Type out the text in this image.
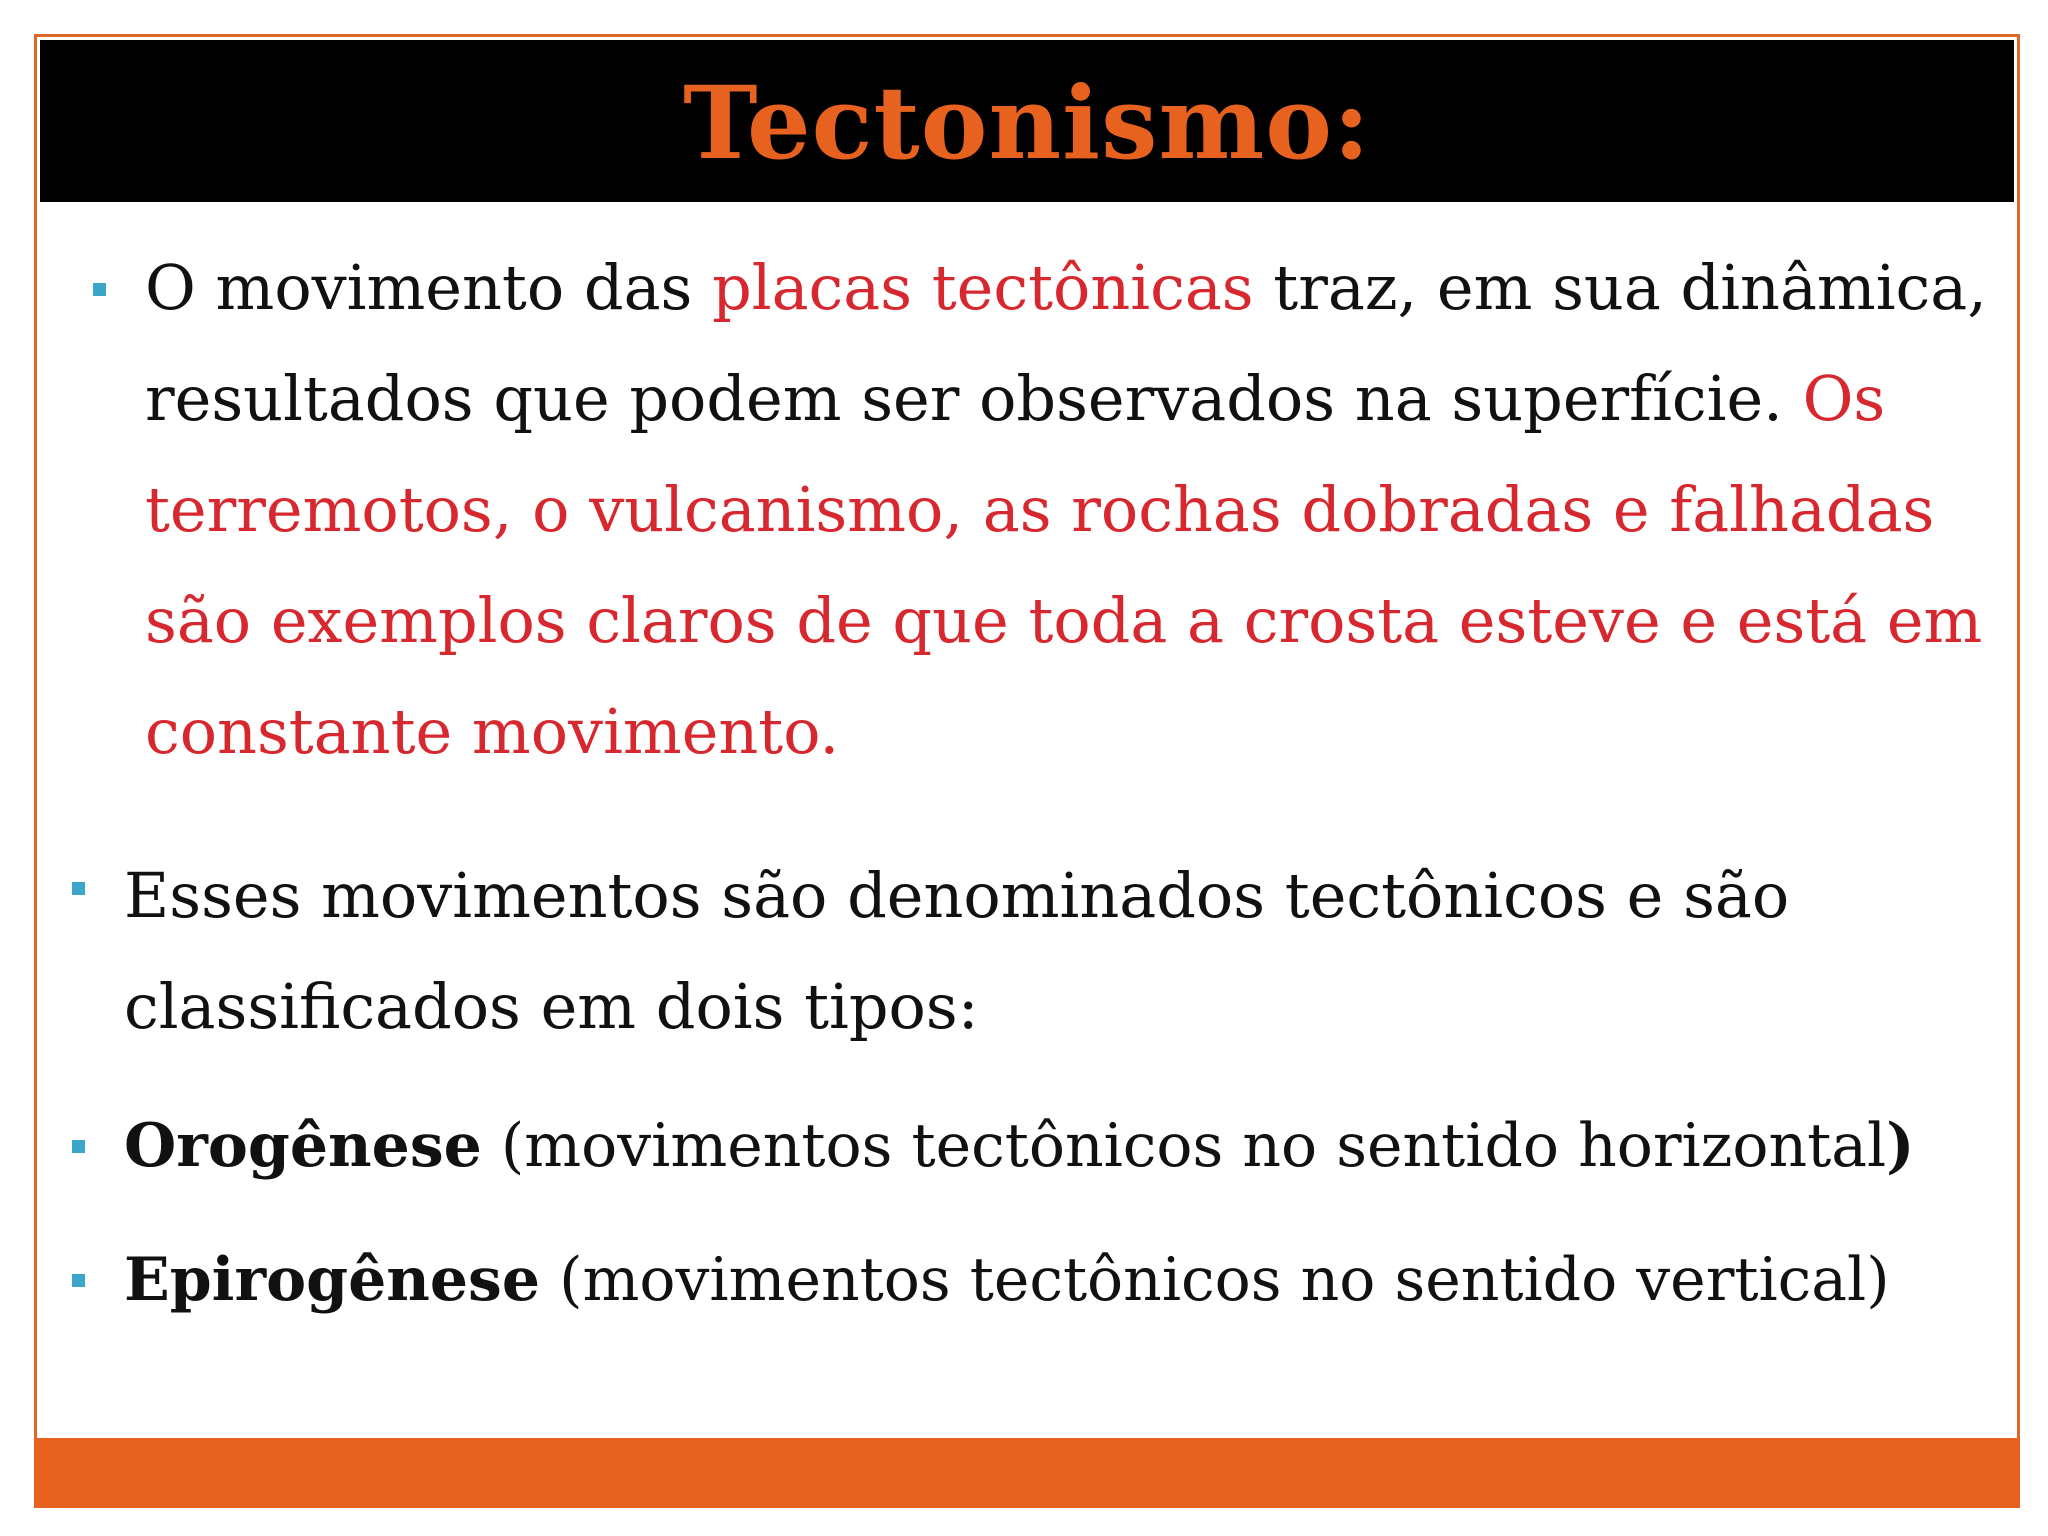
Tectonismo:

O movimento das placas tectônicas traz, em sua dinâmica, resultados que podem ser observados na superfície. Os terremotos, o vulcanismo, as rochas dobradas e falhadas são exemplos claros de que toda a crosta esteve e está em constante movimento.

Esses movimentos são denominados tectônicos e são classificados em dois tipos:

Orogênese (movimentos tectônicos no sentido horizontal)

Epirogênese (movimentos tectônicos no sentido vertical)
